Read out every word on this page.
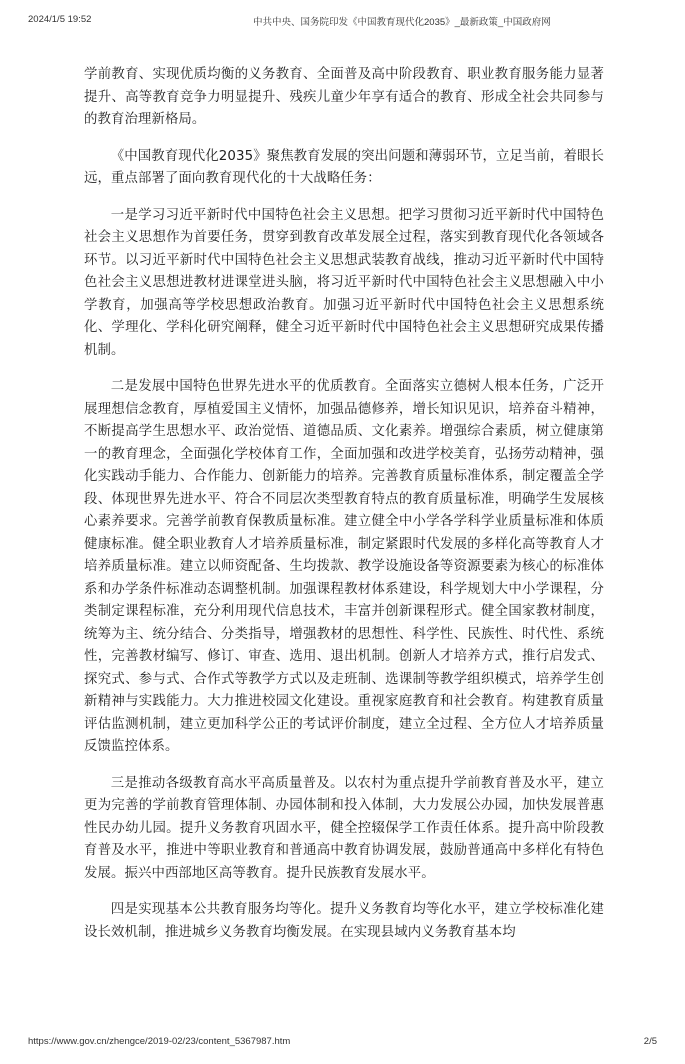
2024/1/5 19:52	中共中央、国务院印发《中国教育现代化2035》_最新政策_中国政府网

学前教育、实现优质均衡的义务教育、全面普及高中阶段教育、职业教育服务能力显著提升、高等教育竞争力明显提升、残疾儿童少年享有适合的教育、形成全社会共同参与的教育治理新格局。

《中国教育现代化2035》聚焦教育发展的突出问题和薄弱环节，立足当前，着眼长远，重点部署了面向教育现代化的十大战略任务：

一是学习习近平新时代中国特色社会主义思想。把学习贯彻习近平新时代中国特色社会主义思想作为首要任务，贯穿到教育改革发展全过程，落实到教育现代化各领域各环节。以习近平新时代中国特色社会主义思想武装教育战线，推动习近平新时代中国特色社会主义思想进教材进课堂进头脑，将习近平新时代中国特色社会主义思想融入中小学教育，加强高等学校思想政治教育。加强习近平新时代中国特色社会主义思想系统化、学理化、学科化研究阐释，健全习近平新时代中国特色社会主义思想研究成果传播机制。

二是发展中国特色世界先进水平的优质教育。全面落实立德树人根本任务，广泛开展理想信念教育，厚植爱国主义情怀，加强品德修养，增长知识见识，培养奋斗精神，不断提高学生思想水平、政治觉悟、道德品质、文化素养。增强综合素质，树立健康第一的教育理念，全面强化学校体育工作，全面加强和改进学校美育，弘扬劳动精神，强化实践动手能力、合作能力、创新能力的培养。完善教育质量标准体系，制定覆盖全学段、体现世界先进水平、符合不同层次类型教育特点的教育质量标准，明确学生发展核心素养要求。完善学前教育保教质量标准。建立健全中小学各学科学业质量标准和体质健康标准。健全职业教育人才培养质量标准，制定紧跟时代发展的多样化高等教育人才培养质量标准。建立以师资配备、生均拨款、教学设施设备等资源要素为核心的标准体系和办学条件标准动态调整机制。加强课程教材体系建设，科学规划大中小学课程，分类制定课程标准，充分利用现代信息技术，丰富并创新课程形式。健全国家教材制度，统筹为主、统分结合、分类指导，增强教材的思想性、科学性、民族性、时代性、系统性，完善教材编写、修订、审查、选用、退出机制。创新人才培养方式，推行启发式、探究式、参与式、合作式等教学方式以及走班制、选课制等教学组织模式，培养学生创新精神与实践能力。大力推进校园文化建设。重视家庭教育和社会教育。构建教育质量评估监测机制，建立更加科学公正的考试评价制度，建立全过程、全方位人才培养质量反馈监控体系。

三是推动各级教育高水平高质量普及。以农村为重点提升学前教育普及水平，建立更为完善的学前教育管理体制、办园体制和投入体制，大力发展公办园，加快发展普惠性民办幼儿园。提升义务教育巩固水平，健全控辍保学工作责任体系。提升高中阶段教育普及水平，推进中等职业教育和普通高中教育协调发展，鼓励普通高中多样化有特色发展。振兴中西部地区高等教育。提升民族教育发展水平。

四是实现基本公共教育服务均等化。提升义务教育均等化水平，建立学校标准化建设长效机制，推进城乡义务教育均衡发展。在实现县域内义务教育基本均

https://www.gov.cn/zhengce/2019-02/23/content_5367987.htm	2/5
